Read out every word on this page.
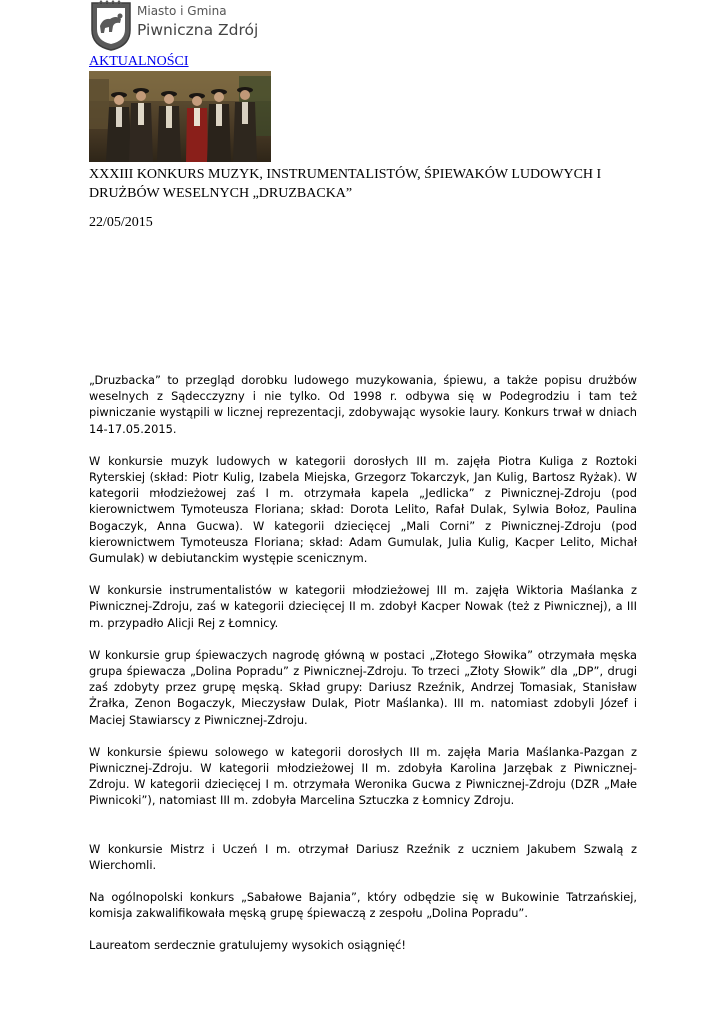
Miasto i Gmina
Piwniczna Zdrój
AKTUALNOŚCI
XXXIII KONKURS MUZYK, INSTRUMENTALISTÓW, ŚPIEWAKÓW LUDOWYCH I DRUŻBÓW WESELNYCH „DRUZBACKA”
22/05/2015

„Druzbacka” to przegląd dorobku ludowego muzykowania, śpiewu, a także popisu drużbów weselnych z Sądecczyzny i nie tylko. Od 1998 r. odbywa się w Podegrodziu i tam też piwniczanie wystąpili w licznej reprezentacji, zdobywając wysokie laury. Konkurs trwał w dniach 14-17.05.2015.

W konkursie muzyk ludowych w kategorii dorosłych III m. zajęła Piotra Kuliga z Roztoki Ryterskiej (skład: Piotr Kulig, Izabela Miejska, Grzegorz Tokarczyk, Jan Kulig, Bartosz Ryżak). W kategorii młodzieżowej zaś I m. otrzymała kapela „Jedlicka” z Piwnicznej-Zdroju (pod kierownictwem Tymoteusza Floriana; skład: Dorota Lelito, Rafał Dulak, Sylwia Bołoz, Paulina Bogaczyk, Anna Gucwa). W kategorii dziecięcej „Mali Corni” z Piwnicznej-Zdroju (pod kierownictwem Tymoteusza Floriana; skład: Adam Gumulak, Julia Kulig, Kacper Lelito, Michał Gumulak) w debiutanckim występie scenicznym.

W konkursie instrumentalistów w kategorii młodzieżowej III m. zajęła Wiktoria Maślanka z Piwnicznej-Zdroju, zaś w kategorii dziecięcej II m. zdobył Kacper Nowak (też z Piwnicznej), a III m. przypadło Alicji Rej z Łomnicy.

W konkursie grup śpiewaczych nagrodę główną w postaci „Złotego Słowika” otrzymała męska grupa śpiewacza „Dolina Popradu” z Piwnicznej-Zdroju. To trzeci „Złoty Słowik” dla „DP”, drugi zaś zdobyty przez grupę męską. Skład grupy: Dariusz Rzeźnik, Andrzej Tomasiak, Stanisław Żrałka, Zenon Bogaczyk, Mieczysław Dulak, Piotr Maślanka). III m. natomiast zdobyli Józef i Maciej Stawiarscy z Piwnicznej-Zdroju.

W konkursie śpiewu solowego w kategorii dorosłych III m. zajęła Maria Maślanka-Pazgan z Piwnicznej-Zdroju. W kategorii młodzieżowej II m. zdobyła Karolina Jarzębak z Piwnicznej-Zdroju. W kategorii dziecięcej I m. otrzymała Weronika Gucwa z Piwnicznej-Zdroju (DZR „Małe Piwnicoki”), natomiast III m. zdobyła Marcelina Sztuczka z Łomnicy Zdroju.

W konkursie Mistrz i Uczeń I m. otrzymał Dariusz Rzeźnik z uczniem Jakubem Szwalą z Wierchomli.

Na ogólnopolski konkurs „Sabałowe Bajania”, który odbędzie się w Bukowinie Tatrzańskiej, komisja zakwalifikowała męską grupę śpiewaczą z zespołu „Dolina Popradu”.

Laureatom serdecznie gratulujemy wysokich osiągnięć!
